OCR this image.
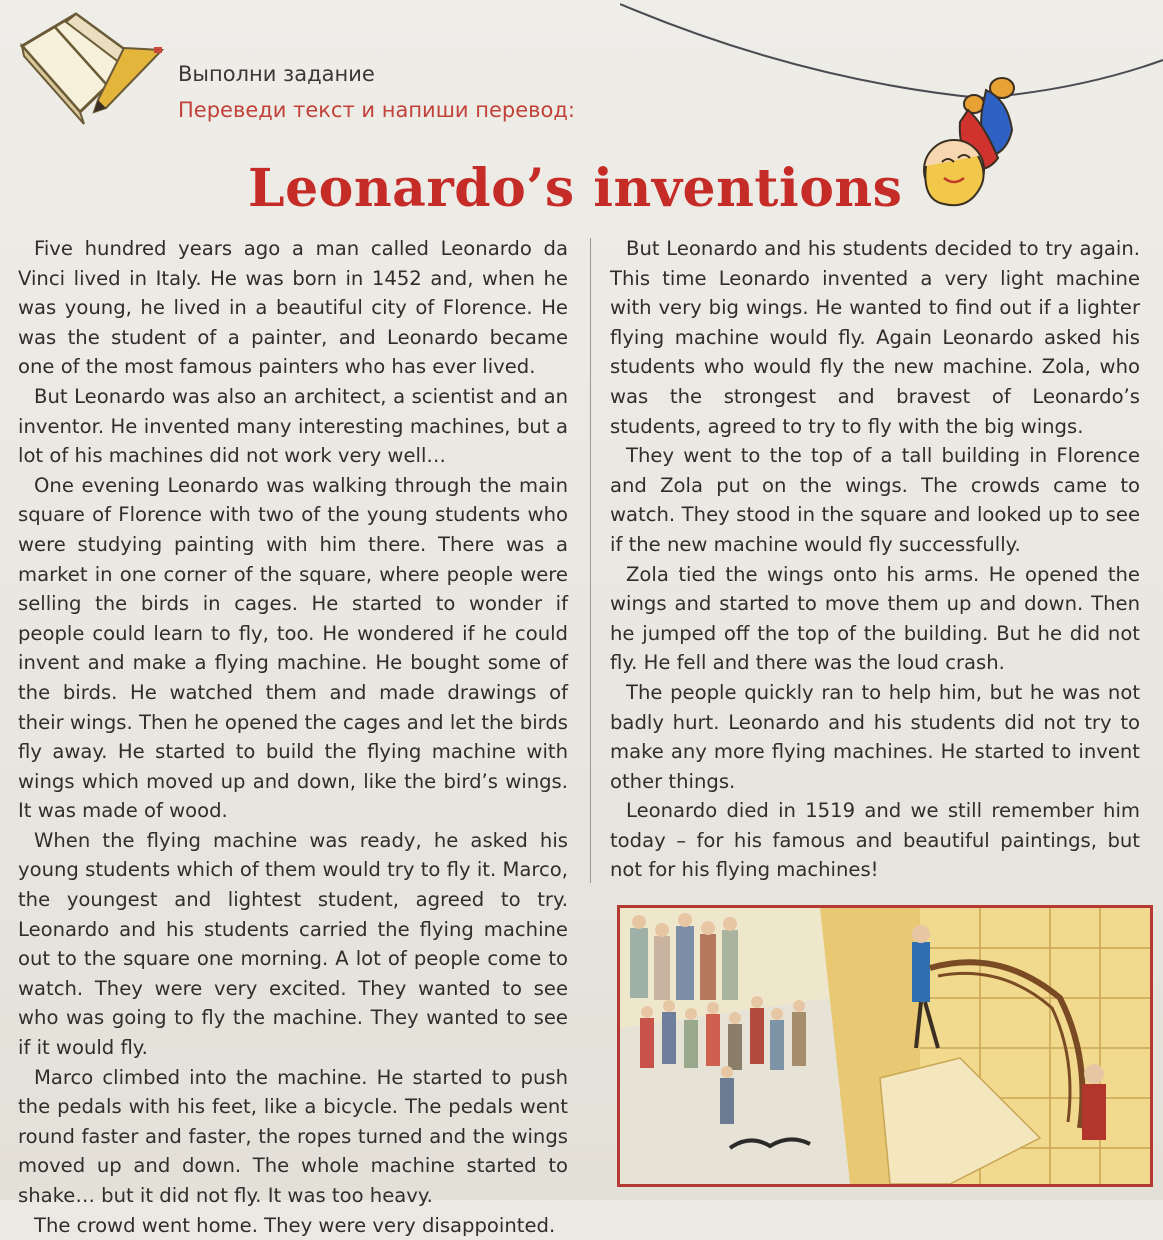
Выполни задание
Переведи текст и напиши перевод:
Leonardo’s inventions

Five hundred years ago a man called Leonardo da Vinci lived in Italy. He was born in 1452 and, when he was young, he lived in a beautiful city of Florence. He was the student of a painter, and Leonardo became one of the most famous painters who has ever lived.

But Leonardo was also an architect, a scientist and an inventor. He invented many interesting machines, but a lot of his machines did not work very well…

One evening Leonardo was walking through the main square of Florence with two of the young students who were studying painting with him there. There was a market in one corner of the square, where people were selling the birds in cages. He started to wonder if people could learn to fly, too. He wondered if he could invent and make a flying machine. He bought some of the birds. He watched them and made drawings of their wings. Then he opened the cages and let the birds fly away. He started to build the flying machine with wings which moved up and down, like the bird’s wings. It was made of wood.

When the flying machine was ready, he asked his young students which of them would try to fly it. Marco, the youngest and lightest student, agreed to try. Leonardo and his students carried the flying machine out to the square one morning. A lot of people come to watch. They were very excited. They wanted to see who was going to fly the machine. They wanted to see if it would fly.

Marco climbed into the machine. He started to push the pedals with his feet, like a bicycle. The pedals went round faster and faster, the ropes turned and the wings moved up and down. The whole machine started to shake… but it did not fly. It was too heavy.

The crowd went home. They were very disappointed.

But Leonardo and his students decided to try again. This time Leonardo invented a very light machine with very big wings. He wanted to find out if a lighter flying machine would fly. Again Leonardo asked his students who would fly the new machine. Zola, who was the strongest and bravest of Leonardo’s students, agreed to try to fly with the big wings.

They went to the top of a tall building in Florence and Zola put on the wings. The crowds came to watch. They stood in the square and looked up to see if the new machine would fly successfully.

Zola tied the wings onto his arms. He opened the wings and started to move them up and down. Then he jumped off the top of the building. But he did not fly. He fell and there was the loud crash.

The people quickly ran to help him, but he was not badly hurt. Leonardo and his students did not try to make any more flying machines. He started to invent other things.

Leonardo died in 1519 and we still remember him today – for his famous and beautiful paintings, but not for his flying machines!
